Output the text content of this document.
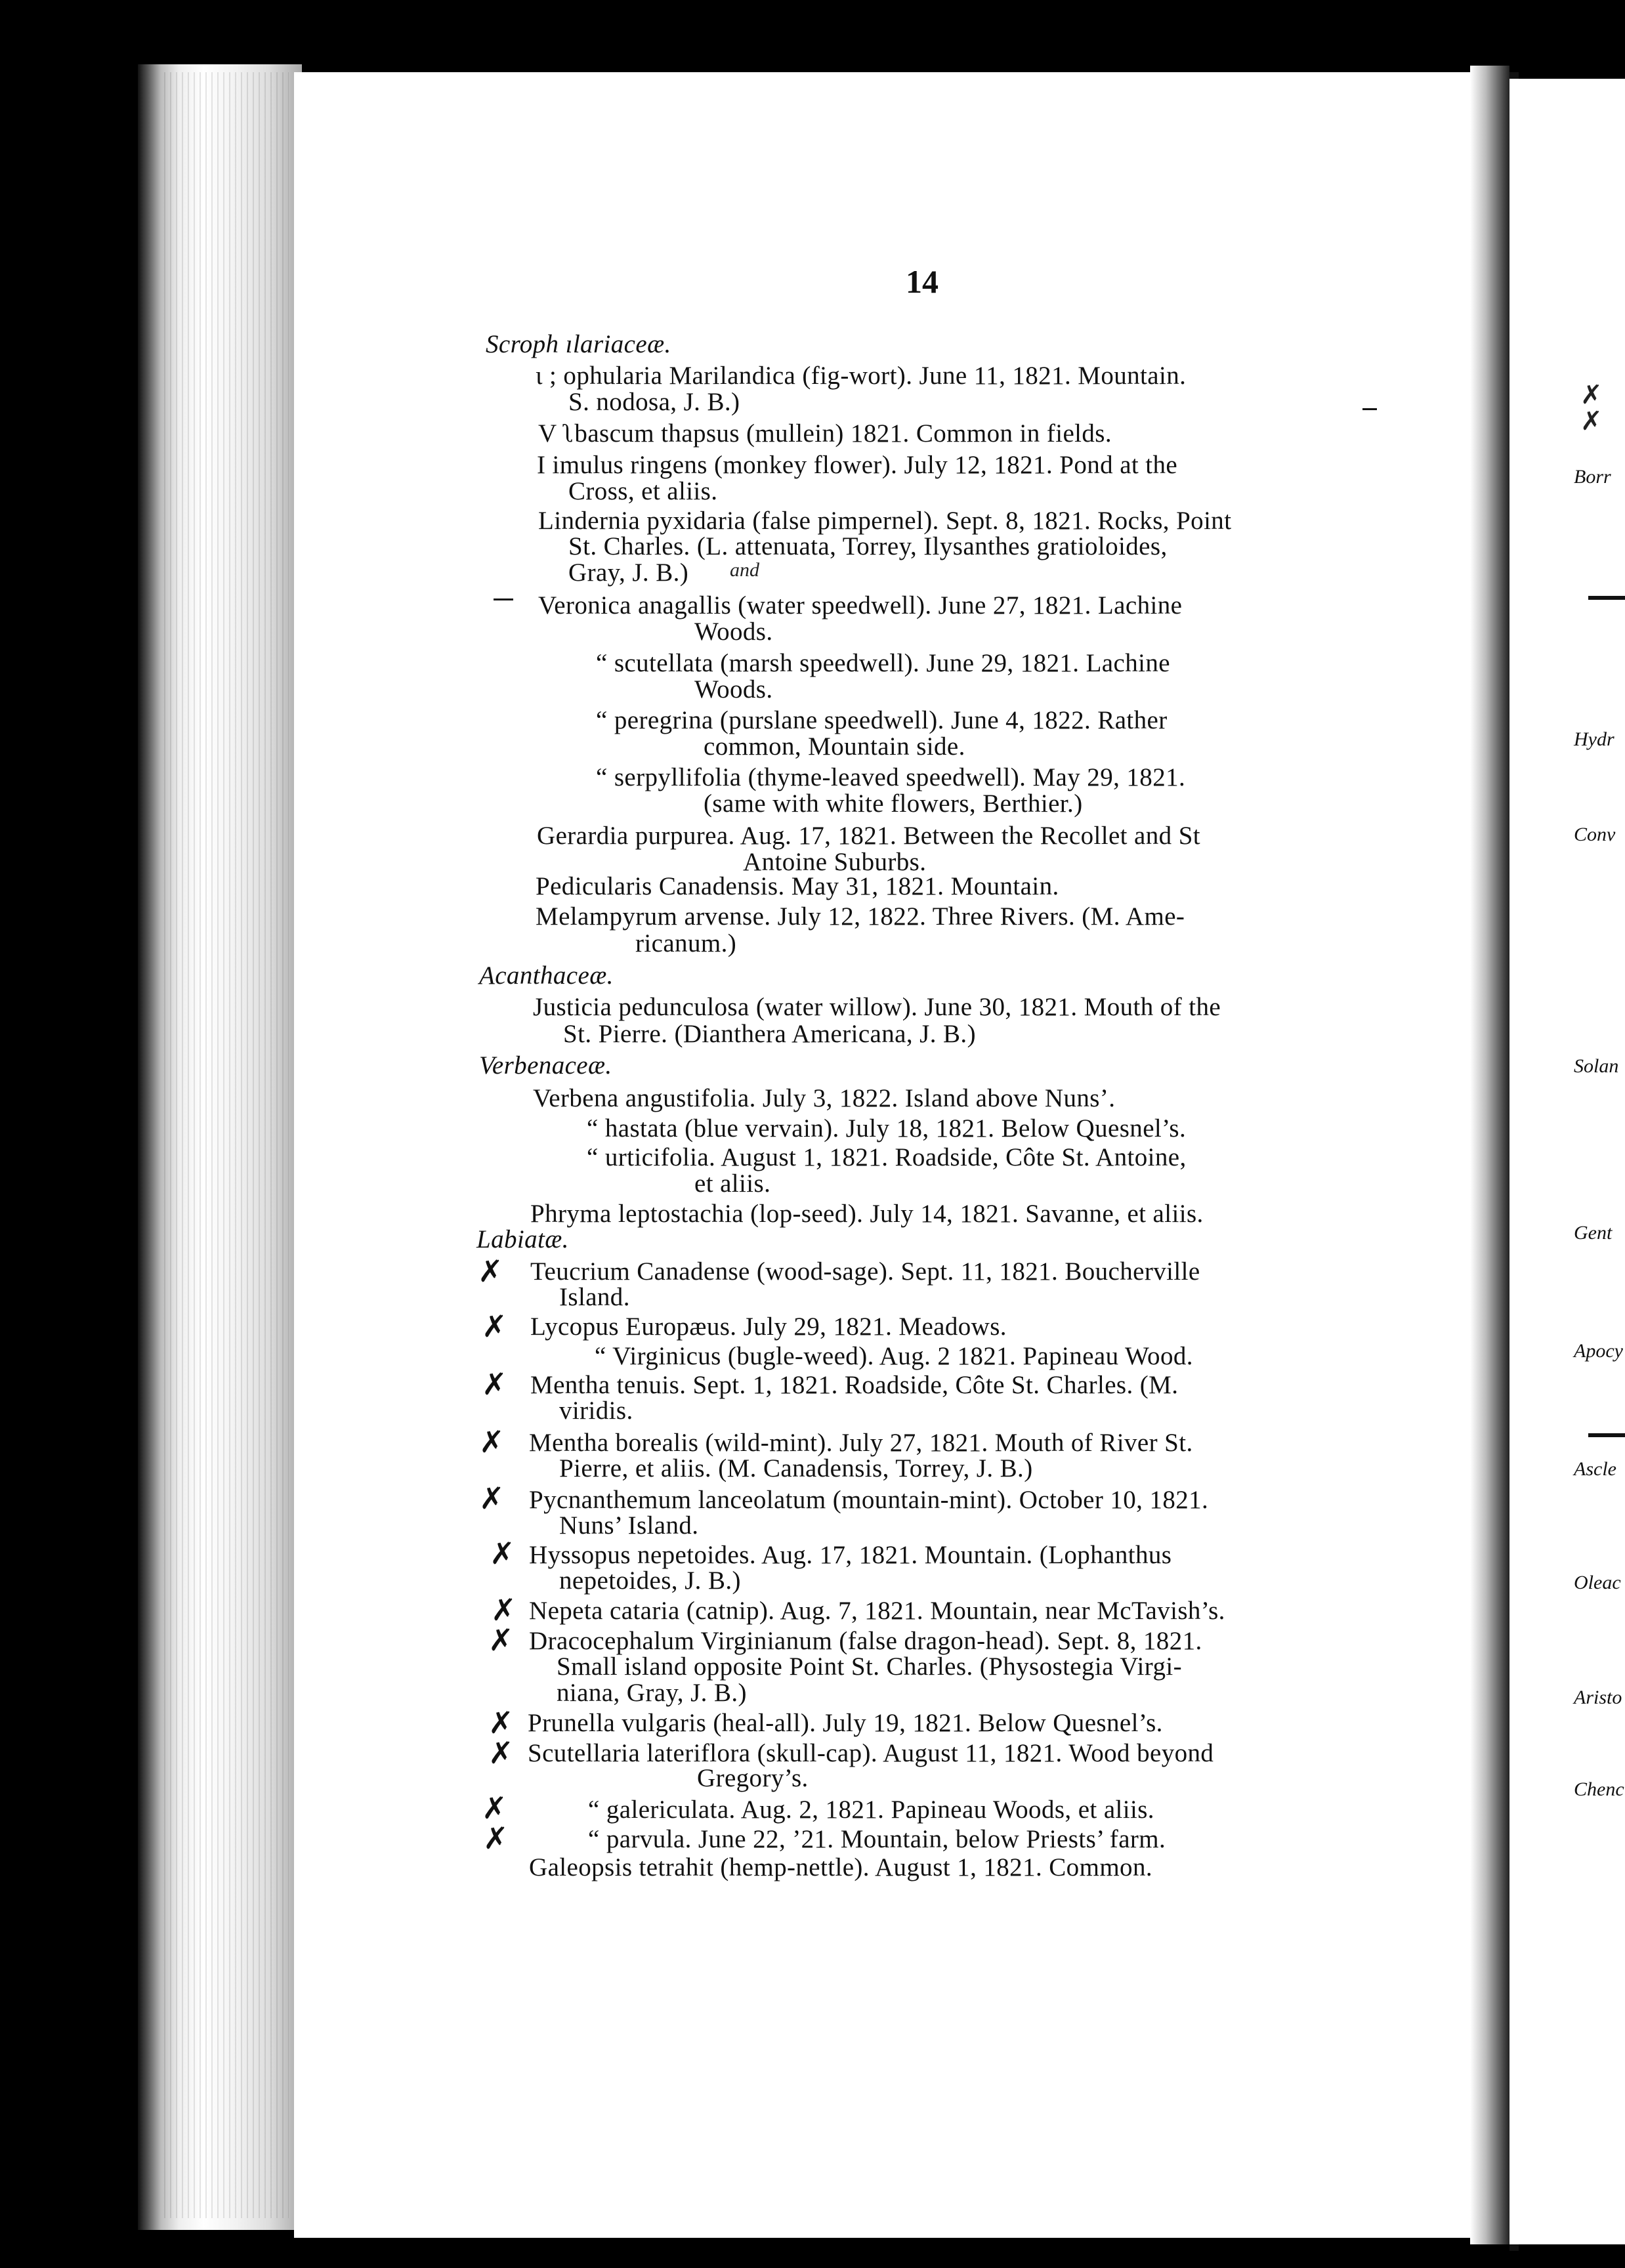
14
Scroph ılariaceæ.
ɩ ; ophularia Marilandica (fig-wort). June 11, 1821. Mountain.
S. nodosa, J. B.)
V ʅbascum thapsus (mullein) 1821. Common in fields.
I imulus ringens (monkey flower). July 12, 1821. Pond at the
Cross, et aliis.
Lindernia pyxidaria (false pimpernel). Sept. 8, 1821. Rocks, Point
St. Charles. (L. attenuata, Torrey, Ilysanthes gratioloides,
Gray, J. B.)
Veronica anagallis (water speedwell). June 27, 1821. Lachine
Woods.
“ scutellata (marsh speedwell). June 29, 1821. Lachine
Woods.
“ peregrina (purslane speedwell). June 4, 1822. Rather
common, Mountain side.
“ serpyllifolia (thyme-leaved speedwell). May 29, 1821.
(same with white flowers, Berthier.)
Gerardia purpurea. Aug. 17, 1821. Between the Recollet and St
Antoine Suburbs.
Pedicularis Canadensis. May 31, 1821. Mountain.
Melampyrum arvense. July 12, 1822. Three Rivers. (M. Ame-
ricanum.)
Acanthaceæ.
Justicia pedunculosa (water willow). June 30, 1821. Mouth of the
St. Pierre. (Dianthera Americana, J. B.)
Verbenaceæ.
Verbena angustifolia. July 3, 1822. Island above Nuns’.
“ hastata (blue vervain). July 18, 1821. Below Quesnel’s.
“ urticifolia. August 1, 1821. Roadside, Côte St. Antoine,
et aliis.
Phryma leptostachia (lop-seed). July 14, 1821. Savanne, et aliis.
Labiatæ.
Teucrium Canadense (wood-sage). Sept. 11, 1821. Boucherville
Island.
Lycopus Europæus. July 29, 1821. Meadows.
“ Virginicus (bugle-weed). Aug. 2 1821. Papineau Wood.
Mentha tenuis. Sept. 1, 1821. Roadside, Côte St. Charles. (M.
viridis.
Mentha borealis (wild-mint). July 27, 1821. Mouth of River St.
Pierre, et aliis. (M. Canadensis, Torrey, J. B.)
Pycnanthemum lanceolatum (mountain-mint). October 10, 1821.
Nuns’ Island.
Hyssopus nepetoides. Aug. 17, 1821. Mountain. (Lophanthus
nepetoides, J. B.)
Nepeta cataria (catnip). Aug. 7, 1821. Mountain, near McTavish’s.
Dracocephalum Virginianum (false dragon-head). Sept. 8, 1821.
Small island opposite Point St. Charles. (Physostegia Virgi-
niana, Gray, J. B.)
Prunella vulgaris (heal-all). July 19, 1821. Below Quesnel’s.
Scutellaria lateriflora (skull-cap). August 11, 1821. Wood beyond
Gregory’s.
“ galericulata. Aug. 2, 1821. Papineau Woods, et aliis.
“ parvula. June 22, ’21. Mountain, below Priests’ farm.
Galeopsis tetrahit (hemp-nettle). August 1, 1821. Common.
and
✗
✗
✗
✗
✗
✗
✗
✗
✗
✗
✗
✗
✗
✗
Borr
Hydr
Conv
Solan
Gent
Apocy
Ascle
Oleac
Aristo
Chenc
